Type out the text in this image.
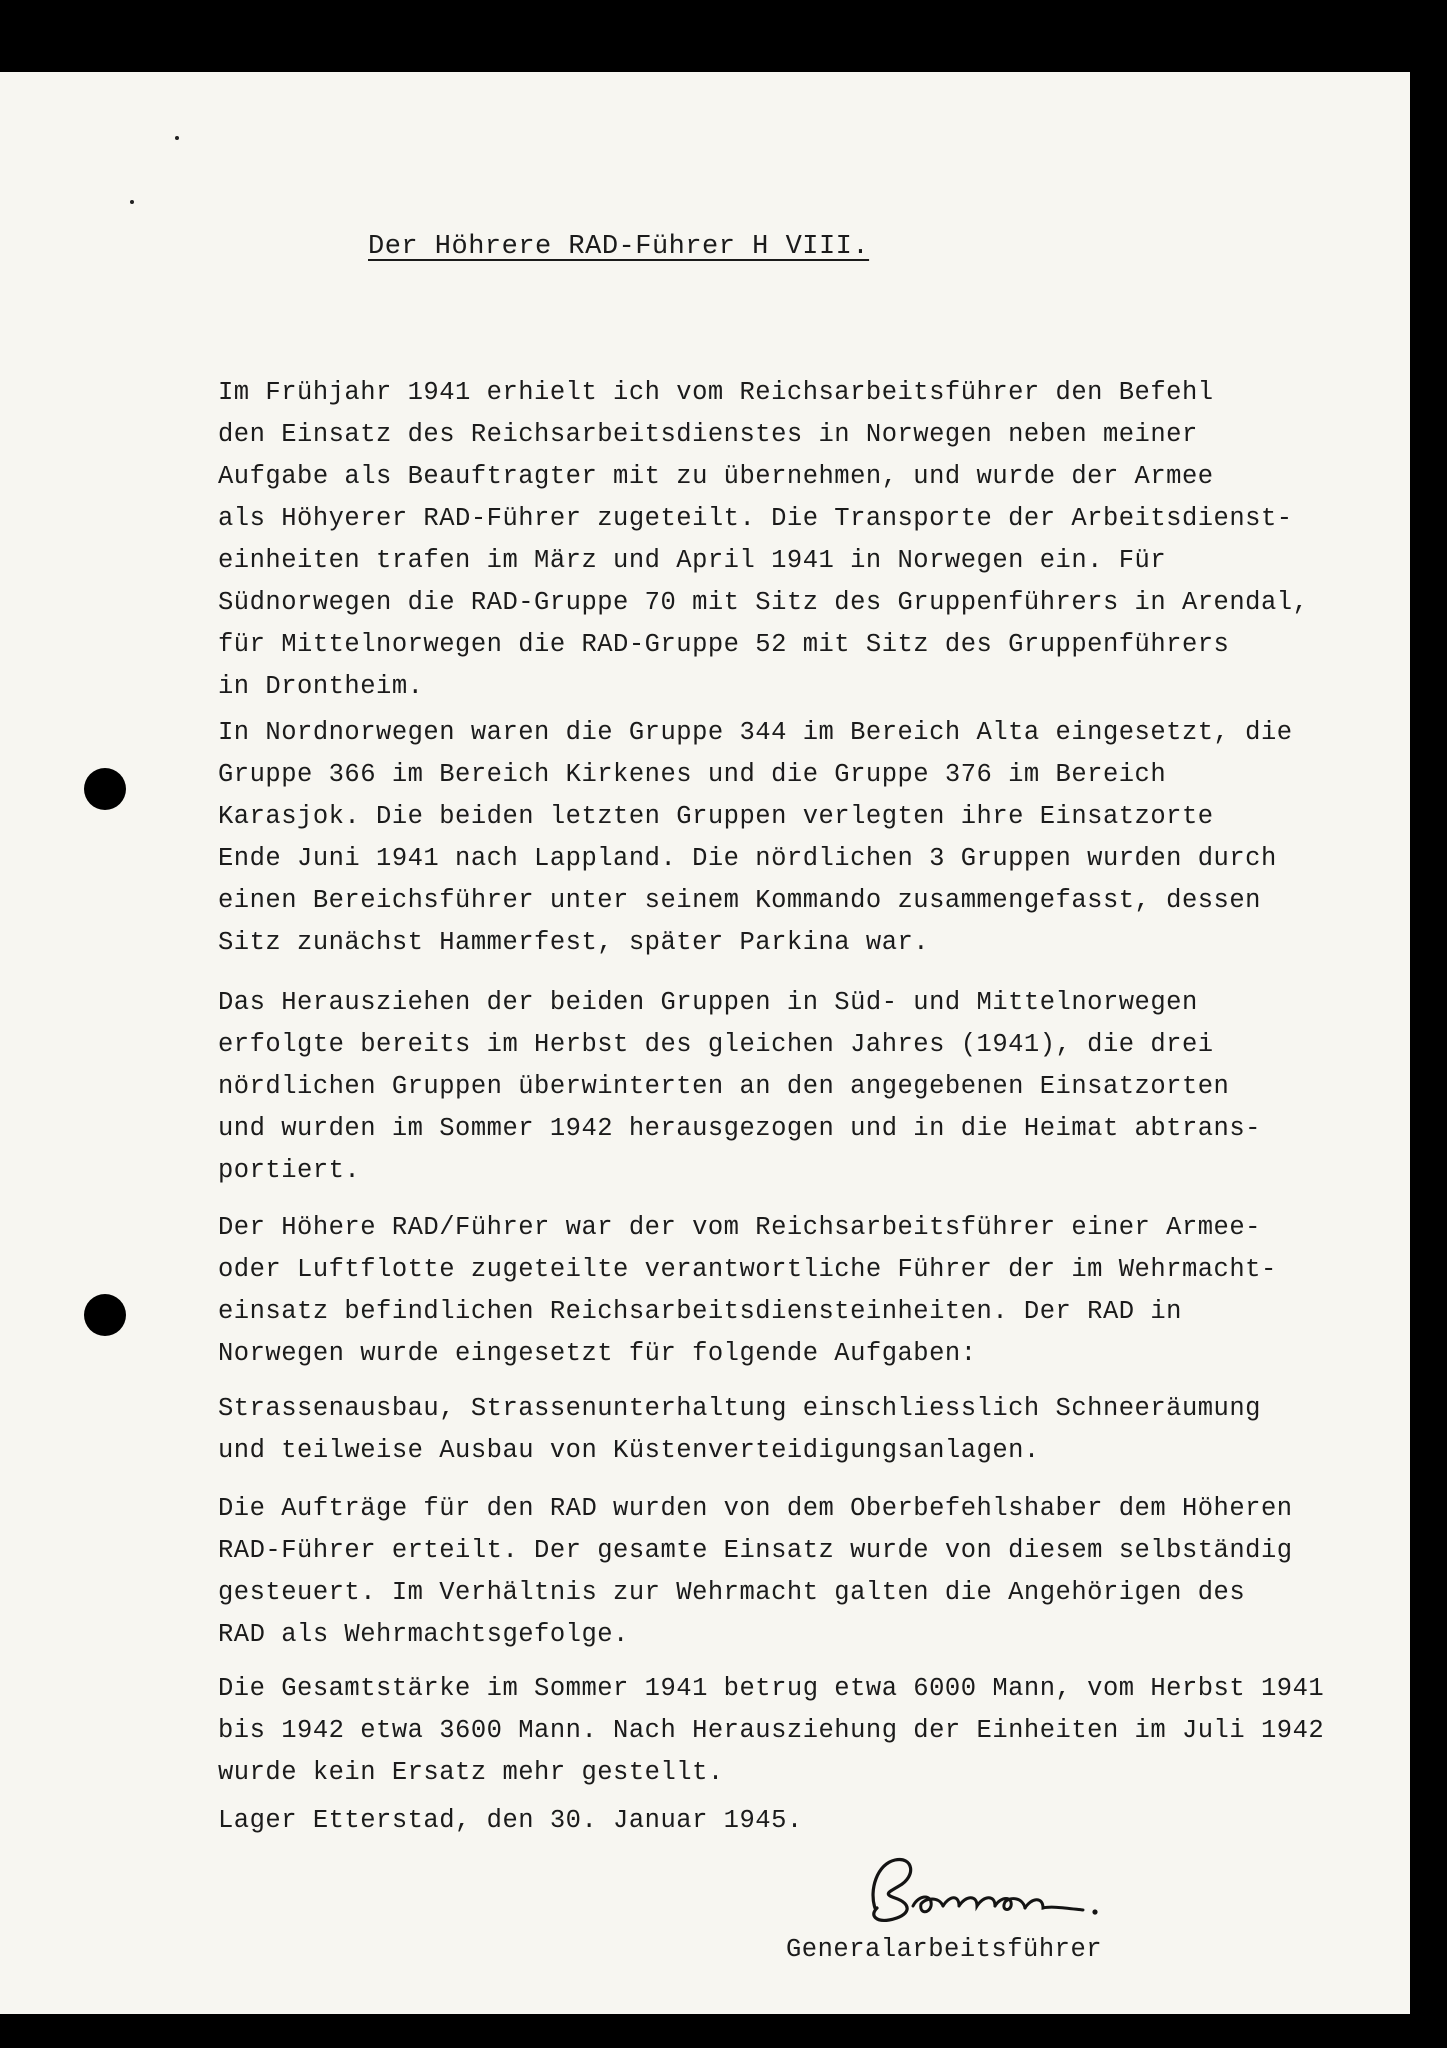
Der Höhrere RAD-Führer H VIII.

Im Frühjahr 1941 erhielt ich vom Reichsarbeitsführer den Befehl
den Einsatz des Reichsarbeitsdienstes in Norwegen neben meiner
Aufgabe als Beauftragter mit zu übernehmen, und wurde der Armee
als Höhyerer RAD-Führer zugeteilt. Die Transporte der Arbeitsdienst-
einheiten trafen im März und April 1941 in Norwegen ein. Für
Südnorwegen die RAD-Gruppe 70 mit Sitz des Gruppenführers in Arendal,
für Mittelnorwegen die RAD-Gruppe 52 mit Sitz des Gruppenführers
in Drontheim.

In Nordnorwegen waren die Gruppe 344 im Bereich Alta eingesetzt, die
Gruppe 366 im Bereich Kirkenes und die Gruppe 376 im Bereich
Karasjok. Die beiden letzten Gruppen verlegten ihre Einsatzorte
Ende Juni 1941 nach Lappland. Die nördlichen 3 Gruppen wurden durch
einen Bereichsführer unter seinem Kommando zusammengefasst, dessen
Sitz zunächst Hammerfest, später Parkina war.

Das Herausziehen der beiden Gruppen in Süd- und Mittelnorwegen
erfolgte bereits im Herbst des gleichen Jahres (1941), die drei
nördlichen Gruppen überwinterten an den angegebenen Einsatzorten
und wurden im Sommer 1942 herausgezogen und in die Heimat abtrans-
portiert.

Der Höhere RAD/Führer war der vom Reichsarbeitsführer einer Armee-
oder Luftflotte zugeteilte verantwortliche Führer der im Wehrmacht-
einsatz befindlichen Reichsarbeitsdiensteinheiten. Der RAD in
Norwegen wurde eingesetzt für folgende Aufgaben:

Strassenausbau, Strassenunterhaltung einschliesslich Schneeräumung
und teilweise Ausbau von Küstenverteidigungsanlagen.

Die Aufträge für den RAD wurden von dem Oberbefehlshaber dem Höheren
RAD-Führer erteilt. Der gesamte Einsatz wurde von diesem selbständig
gesteuert. Im Verhältnis zur Wehrmacht galten die Angehörigen des
RAD als Wehrmachtsgefolge.

Die Gesamtstärke im Sommer 1941 betrug etwa 6000 Mann, vom Herbst 1941
bis 1942 etwa 3600 Mann. Nach Herausziehung der Einheiten im Juli 1942
wurde kein Ersatz mehr gestellt.

Lager Etterstad, den 30. Januar 1945.

Generalarbeitsführer
